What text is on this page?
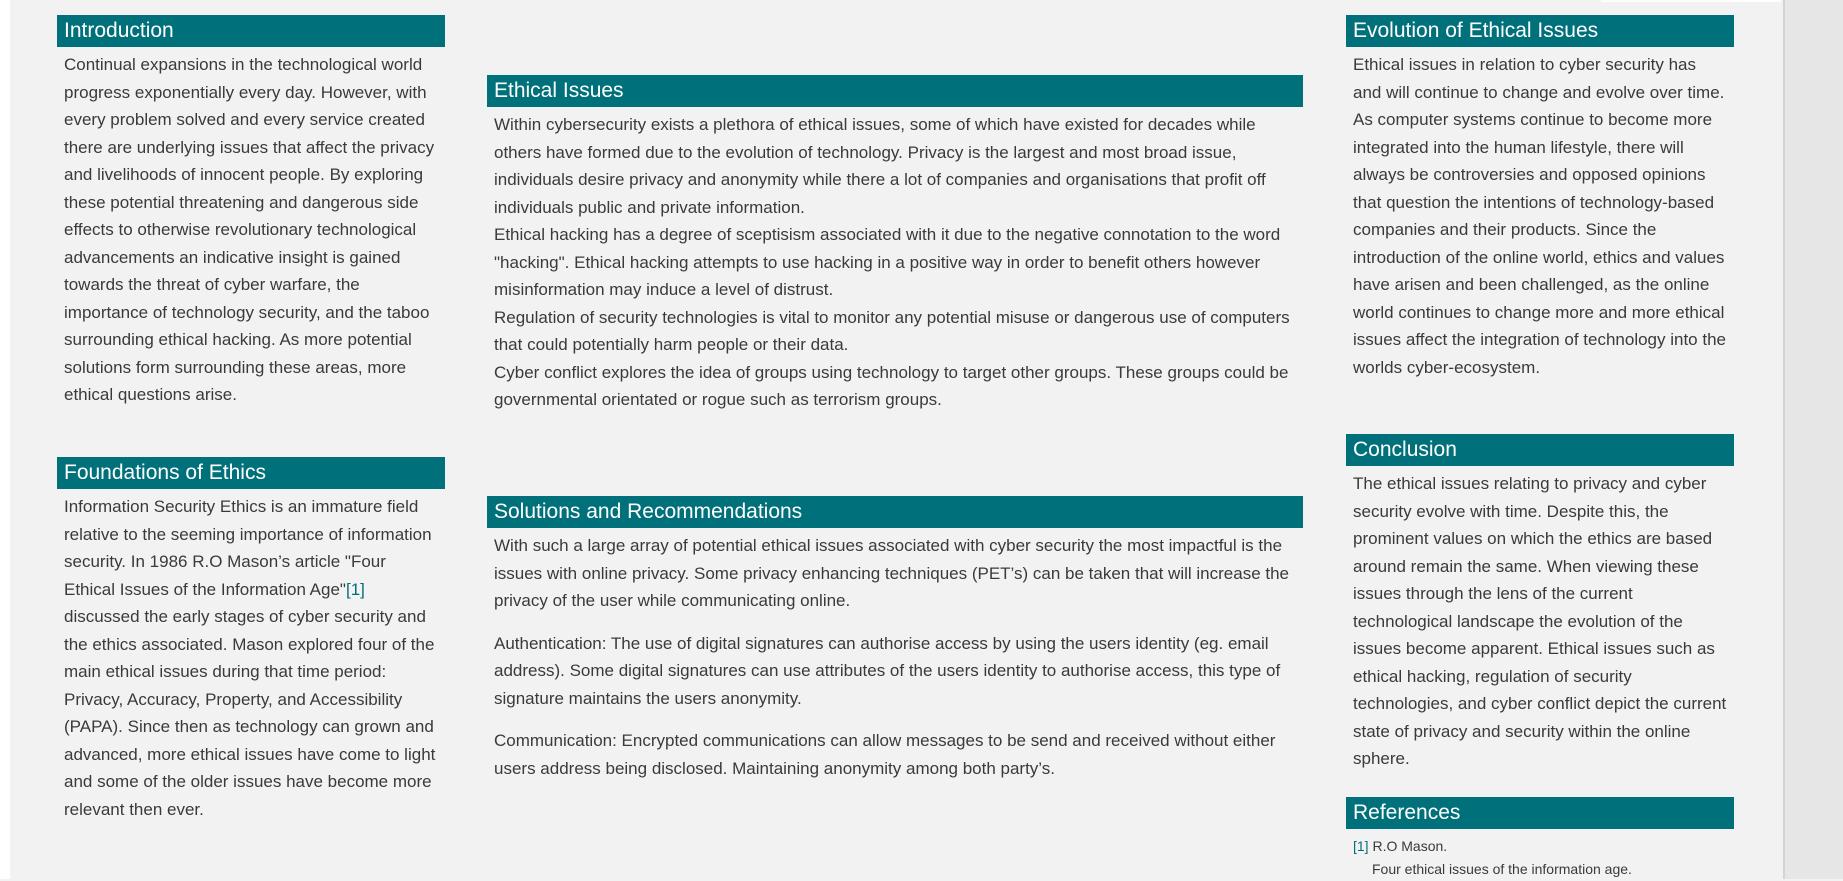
Introduction

Continual expansions in the technological world progress exponentially every day. However, with every problem solved and every service created there are underlying issues that affect the privacy and livelihoods of innocent people. By exploring these potential threatening and dangerous side effects to otherwise revolutionary technological advancements an indicative insight is gained towards the threat of cyber warfare, the importance of technology security, and the taboo surrounding ethical hacking. As more potential solutions form surrounding these areas, more ethical questions arise.

Foundations of Ethics

Information Security Ethics is an immature field relative to the seeming importance of information security. In 1986 R.O Mason’s article "Four Ethical Issues of the Information Age"[1] discussed the early stages of cyber security and the ethics associated. Mason explored four of the main ethical issues during that time period: Privacy, Accuracy, Property, and Accessibility (PAPA). Since then as technology can grown and advanced, more ethical issues have come to light and some of the older issues have become more relevant then ever.

Ethical Issues

Within cybersecurity exists a plethora of ethical issues, some of which have existed for decades while others have formed due to the evolution of technology. Privacy is the largest and most broad issue, individuals desire privacy and anonymity while there a lot of companies and organisations that profit off individuals public and private information.

Ethical hacking has a degree of sceptisism associated with it due to the negative connotation to the word "hacking". Ethical hacking attempts to use hacking in a positive way in order to benefit others however misinformation may induce a level of distrust.

Regulation of security technologies is vital to monitor any potential misuse or dangerous use of computers that could potentially harm people or their data.

Cyber conflict explores the idea of groups using technology to target other groups. These groups could be governmental orientated or rogue such as terrorism groups.

Solutions and Recommendations

With such a large array of potential ethical issues associated with cyber security the most impactful is the issues with online privacy. Some privacy enhancing techniques (PET’s) can be taken that will increase the privacy of the user while communicating online.

Authentication: The use of digital signatures can authorise access by using the users identity (eg. email address). Some digital signatures can use attributes of the users identity to authorise access, this type of signature maintains the users anonymity.

Communication: Encrypted communications can allow messages to be send and received without either users address being disclosed. Maintaining anonymity among both party’s.

Evolution of Ethical Issues

Ethical issues in relation to cyber security has and will continue to change and evolve over time. As computer systems continue to become more integrated into the human lifestyle, there will always be controversies and opposed opinions that question the intentions of technology-based companies and their products. Since the introduction of the online world, ethics and values have arisen and been challenged, as the online world continues to change more and more ethical issues affect the integration of technology into the worlds cyber-ecosystem.

Conclusion

The ethical issues relating to privacy and cyber security evolve with time. Despite this, the prominent values on which the ethics are based around remain the same. When viewing these issues through the lens of the current technological landscape the evolution of the issues become apparent. Ethical issues such as ethical hacking, regulation of security technologies, and cyber conflict depict the current state of privacy and security within the online sphere.

References
[1] R.O Mason.
Four ethical issues of the information age.
